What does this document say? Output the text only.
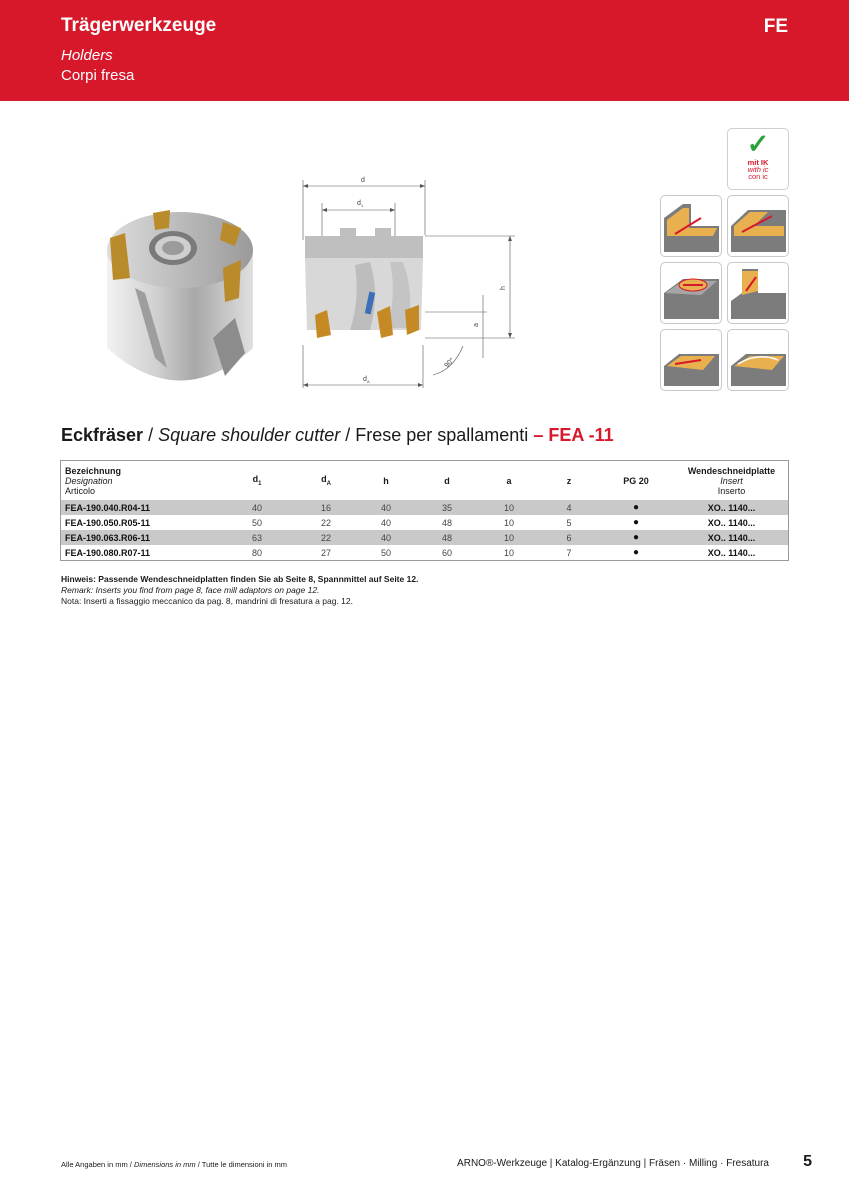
Trägerwerkzeuge
Holders
Corpi fresa
FE
d
d 1
d A
h
a
90°
✓
mit IK
with ic
con ic
Eckfräser / Square shoulder cutter / Frese per spallamenti – FEA -11
Bezeichnung
Designation
Articolo	$d_1$	$d_A$	h	d	a	z	PG 20	Wendeschneidplatte
Insert
Inserto

FEA-190.040.R04-11	40	16	40	35	10	4	●	XO.. 1140...
FEA-190.050.R05-11	50	22	40	48	10	5	●	XO.. 1140...
FEA-190.063.R06-11	63	22	40	48	10	6	●	XO.. 1140...
FEA-190.080.R07-11	80	27	50	60	10	7	●	XO.. 1140...
Hinweis: Passende Wendeschneidplatten finden Sie ab Seite 8, Spannmittel auf Seite 12.
Remark: Inserts you find from page 8, face mill adaptors on page 12.
Nota: Inserti a fissaggio meccanico da pag. 8, mandrini di fresatura a pag. 12.
Alle Angaben in mm / Dimensions in mm / Tutte le dimensioni in mm	ARNO®-Werkzeuge | Katalog-Ergänzung | Fräsen · Milling · Fresatura 5
